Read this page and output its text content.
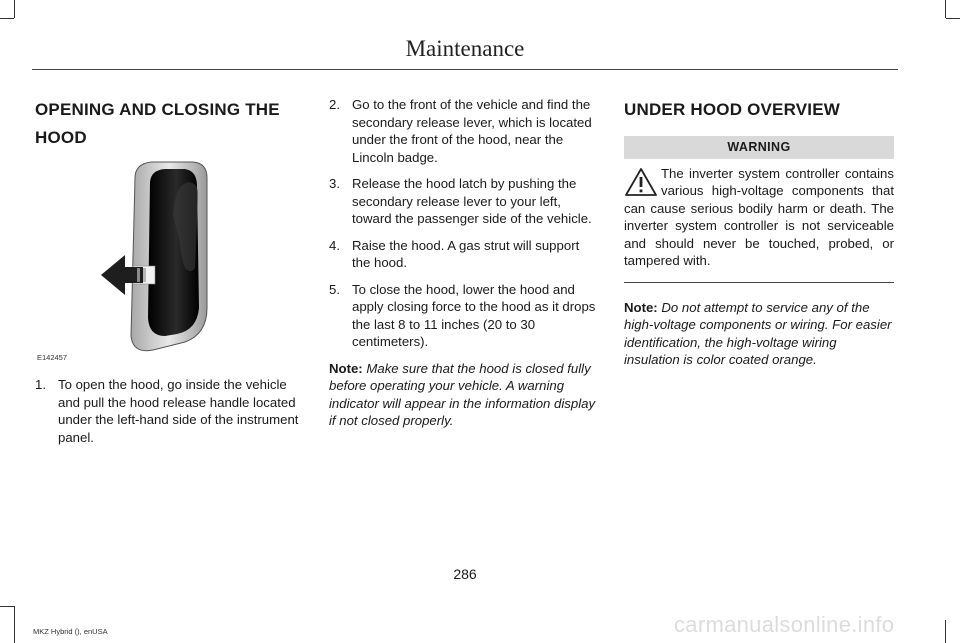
Maintenance
OPENING AND CLOSING THE
HOOD
E142457
1. To open the hood, go inside the vehicle and pull the hood release handle located under the left-hand side of the instrument panel.
2. Go to the front of the vehicle and find the secondary release lever, which is located under the front of the hood, near the Lincoln badge.
3. Release the hood latch by pushing the secondary release lever to your left, toward the passenger side of the vehicle.
4. Raise the hood. A gas strut will support the hood.
5. To close the hood, lower the hood and apply closing force to the hood as it drops the last 8 to 11 inches (20 to 30 centimeters).
Note: Make sure that the hood is closed fully before operating your vehicle. A warning indicator will appear in the information display if not closed properly.
UNDER HOOD OVERVIEW
WARNING
The inverter system controller contains various high-voltage components that can cause serious bodily harm or death. The inverter system controller is not serviceable and should never be touched, probed, or tampered with.
Note: Do not attempt to service any of the high-voltage components or wiring. For easier identification, the high-voltage wiring insulation is color coated orange.
286
MKZ Hybrid (), enUSA	carmanualsonline.info
